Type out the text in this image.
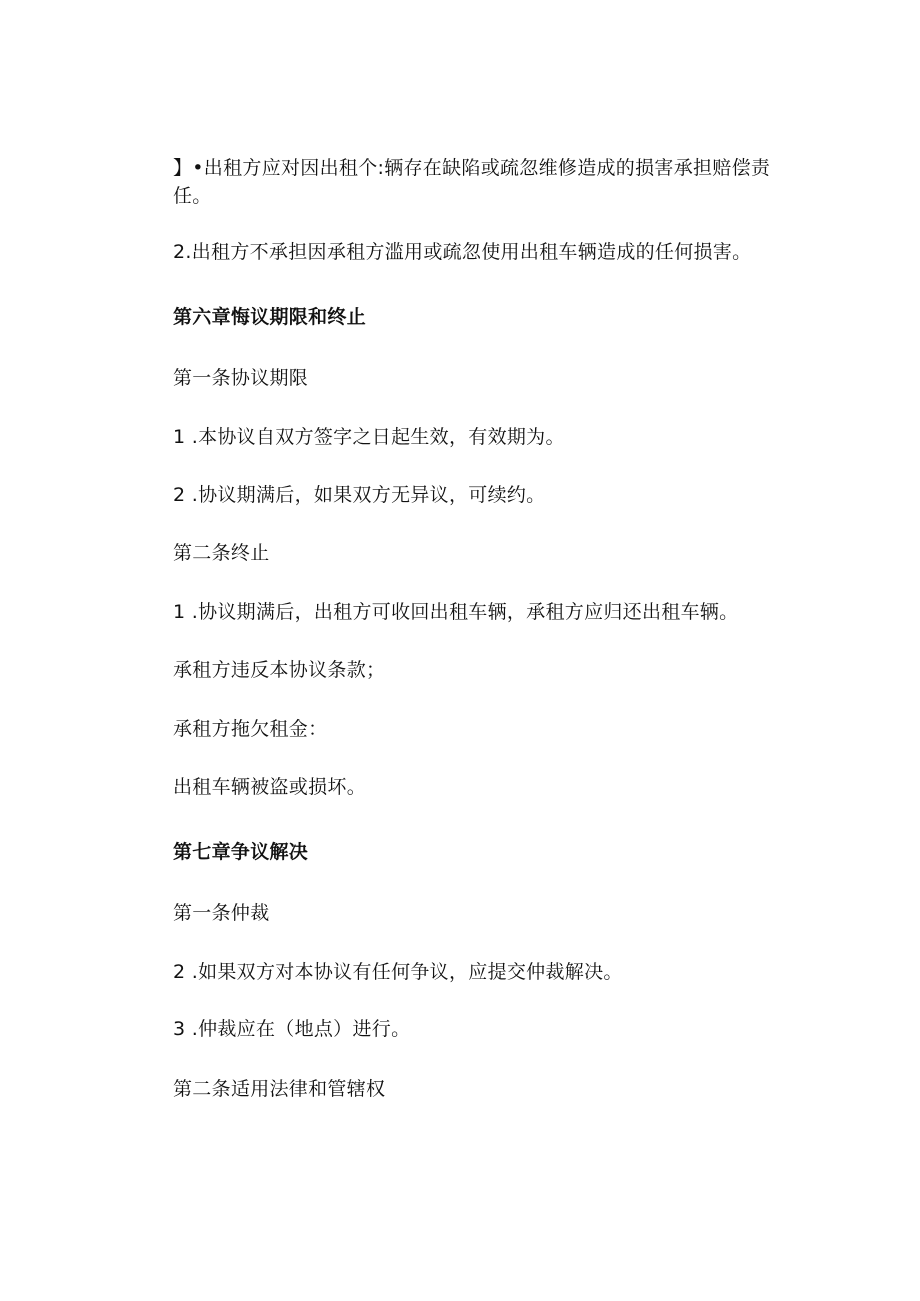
】•出租方应对因出租个:辆存在缺陷或疏忽维修造成的损害承担赔偿责任。
2.出租方不承担因承租方滥用或疏忽使用出租车辆造成的任何损害。
第六章悔议期限和终止
第一条协议期限
1 .本协议自双方签字之日起生效，有效期为。
2 .协议期满后，如果双方无异议，可续约。
第二条终止
1 .协议期满后，出租方可收回出租车辆，承租方应归还出租车辆。
承租方违反本协议条款；
承租方拖欠租金：
出租车辆被盗或损坏。
第七章争议解决
第一条仲裁
2 .如果双方对本协议有任何争议，应提交仲裁解决。
3 .仲裁应在（地点）进行。
第二条适用法律和管辖权
